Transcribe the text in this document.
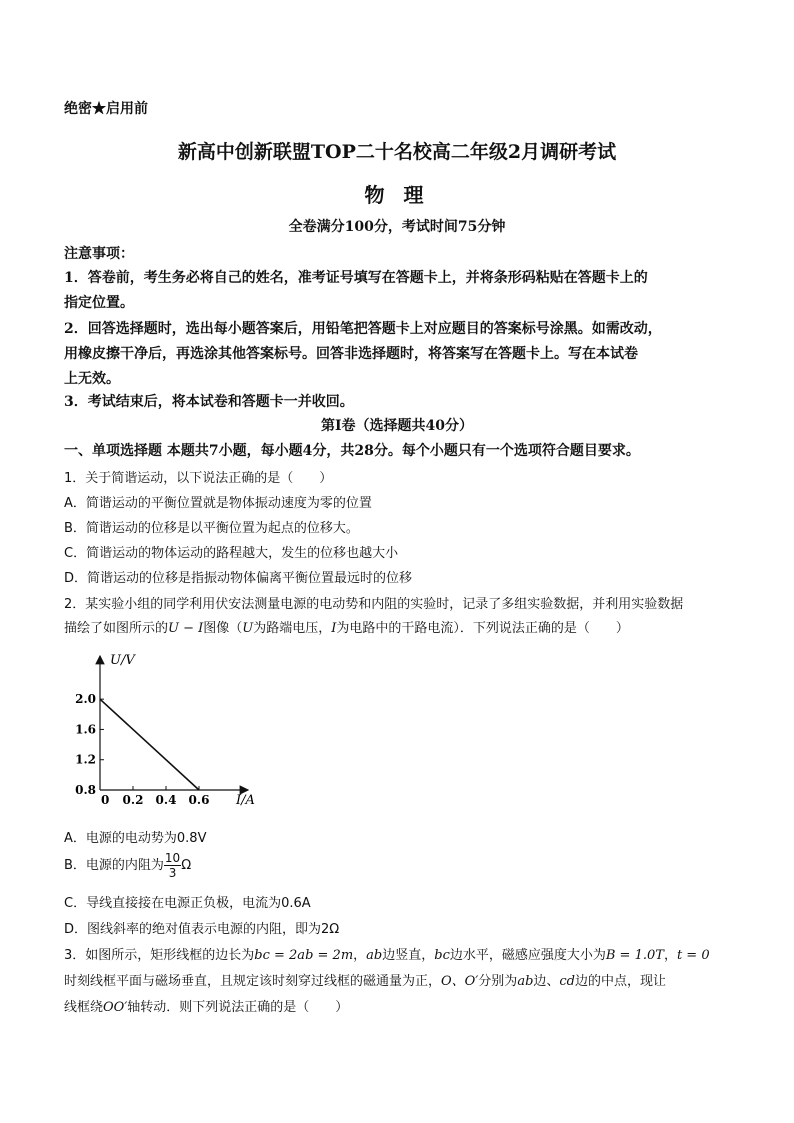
绝密★启用前
新高中创新联盟TOP二十名校高二年级2月调研考试
物 理
全卷满分100分，考试时间75分钟
注意事项：
1．答卷前，考生务必将自己的姓名，准考证号填写在答题卡上，并将条形码粘贴在答题卡上的
指定位置。
2．回答选择题时，选出每小题答案后，用铅笔把答题卡上对应题目的答案标号涂黑。如需改动，
用橡皮擦干净后，再选涂其他答案标号。回答非选择题时，将答案写在答题卡上。写在本试卷
上无效。
3．考试结束后，将本试卷和答题卡一并收回。
第Ⅰ卷（选择题共40分）
一、单项选择题 本题共7小题，每小题4分，共28分。每个小题只有一个选项符合题目要求。
1．关于简谐运动，以下说法正确的是（　　）
A．简谐运动的平衡位置就是物体振动速度为零的位置
B．简谐运动的位移是以平衡位置为起点的位移大。
C．简谐运动的物体运动的路程越大，发生的位移也越大小
D．简谐运动的位移是指振动物体偏离平衡位置最远时的位移
2．某实验小组的同学利用伏安法测量电源的电动势和内阻的实验时，记录了多组实验数据，并利用实验数据
描绘了如图所示的U − I图像（U为路端电压，I为电路中的干路电流）．下列说法正确的是（　　）
U/V
I/A
0.8
1.2
1.6
2.0
0 0.2 0.4 0.6
A．电源的电动势为0.8V
B．电源的内阻为 $\frac{10}{3}$ Ω
C．导线直接接在电源正负极，电流为0.6A
D．图线斜率的绝对值表示电源的内阻，即为2Ω
3．如图所示，矩形线框的边长为bc = 2ab = 2m，ab边竖直，bc边水平，磁感应强度大小为B = 1.0T，t = 0
时刻线框平面与磁场垂直，且规定该时刻穿过线框的磁通量为正，O、O′分别为ab边、cd边的中点，现让
线框绕OO′轴转动．则下列说法正确的是（　　）
